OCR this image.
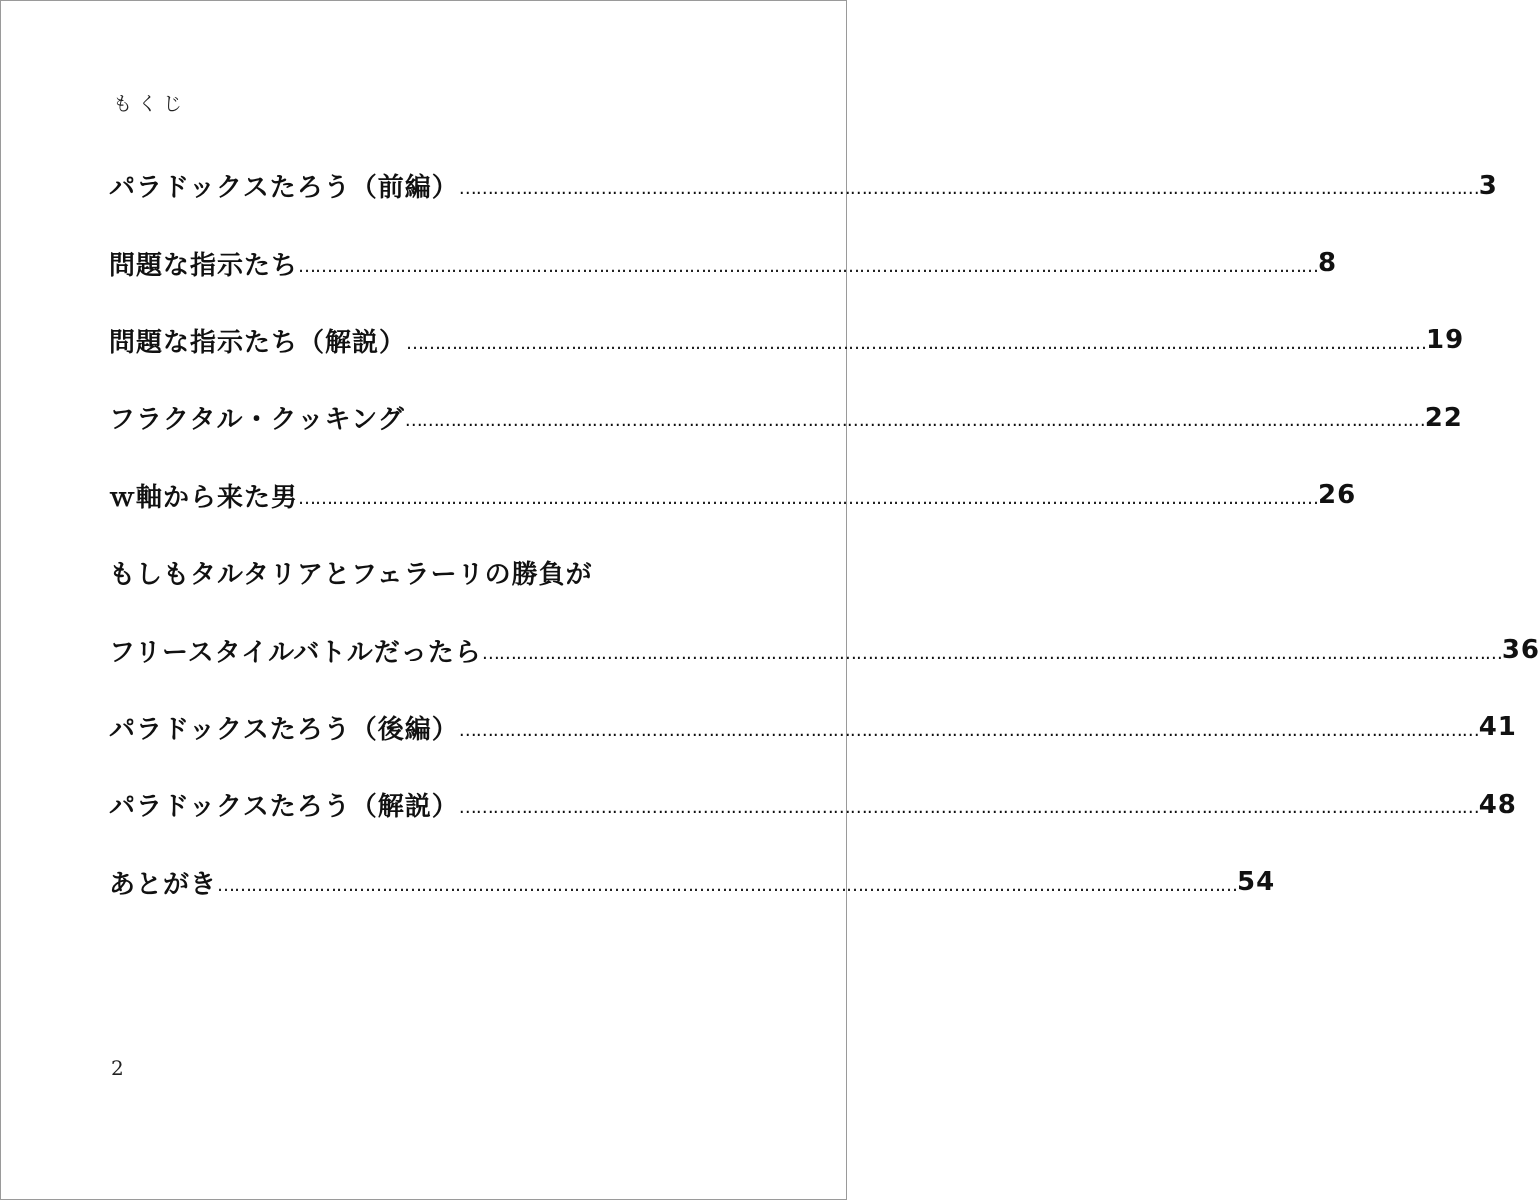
もくじ
パラドックスたろう（前編） ……………………………………………………………………………………………………………………………………………………………… 3
問題な指示たち ……………………………………………………………………………………………………………………………………………………………… 8
問題な指示たち（解説） ……………………………………………………………………………………………………………………………………………………………… 19
フラクタル・クッキング ……………………………………………………………………………………………………………………………………………………………… 22
ｗ軸から来た男 ……………………………………………………………………………………………………………………………………………………………… 26
もしもタルタリアとフェラーリの勝負が
フリースタイルバトルだったら ……………………………………………………………………………………………………………………………………………………………… 36
パラドックスたろう（後編） ……………………………………………………………………………………………………………………………………………………………… 41
パラドックスたろう（解説） ……………………………………………………………………………………………………………………………………………………………… 48
あとがき ……………………………………………………………………………………………………………………………………………………………… 54
2
